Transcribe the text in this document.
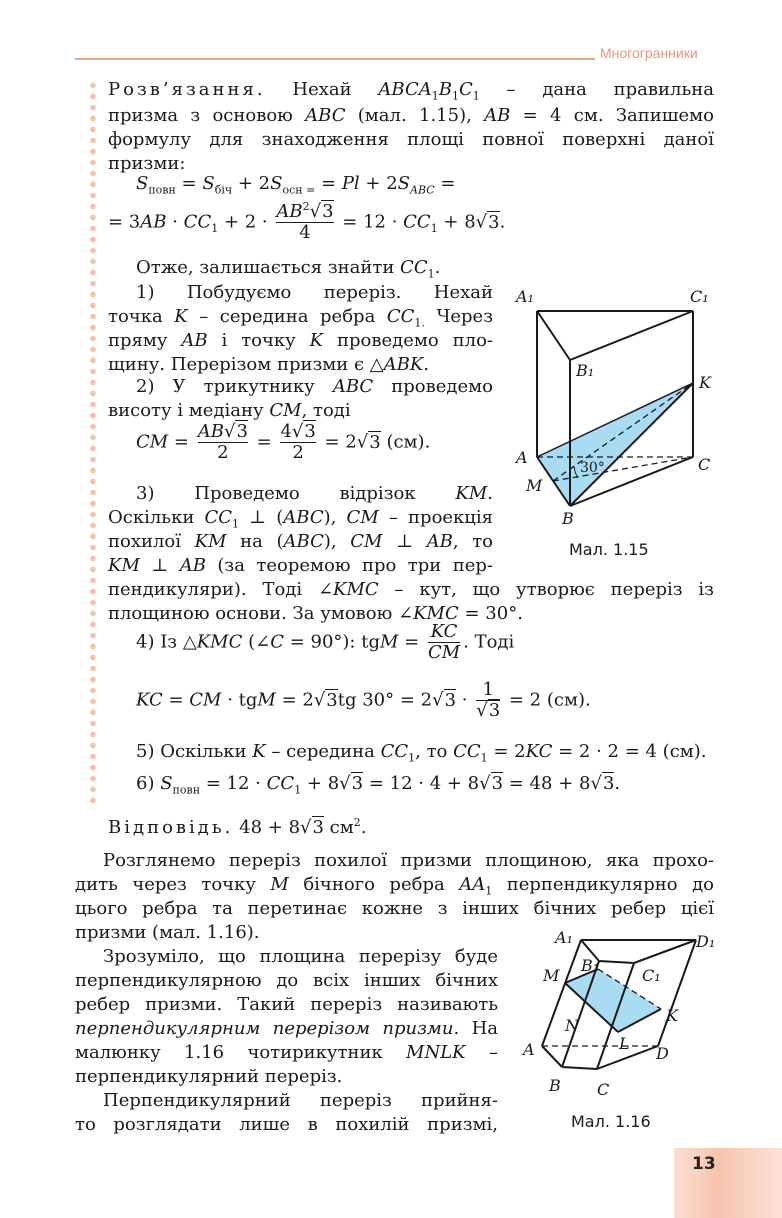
Многогранники
Розв’язання. Нехай $ABCA_1B_1C_1$ – дана правильна
призма з основою ABC (мал. 1.15), AB = 4 см. Запишемо
формулу для знаходження площі повної поверхні даної
призми:
$S_{повн} = S_{біч} + 2S_{осн =} = Pl + 2S_{ABC}$ =
= $3AB \cdot CC_1 + 2 \cdot \frac{AB^2√3}{4} = 12 \cdot CC_1 + 8√3$.
Отже, залишається знайти $CC_1$.
1) Побудуємо переріз. Нехай
точка K – середина ребра $CC_{1.}$ Через
пряму AB і точку K проведемо пло-
щину. Перерізом призми є △ABK.
2) У трикутнику ABC проведемо
висоту і медіану CM, тоді
CM = $\frac{AB√3}{2} = \frac{4√3}{2} = 2√3$ (см).
3) Проведемо відрізок KM.
Оскільки $CC_1$ ⊥ (ABC), CM – проекція
похилої KM на (ABC), CM ⊥ AB, то
KM ⊥ AB (за теоремою про три пер-
пендикуляри). Тоді ∠KMC – кут, що утворює переріз із
площиною основи. За умовою ∠KMC = 30°.
4) Із △KMC (∠C = 90°): tgM = $\frac{KC}{CM}$ . Тоді
KC = CM · tgM = 2√3tg $30^\circ = 2√3 \cdot \frac{1}{√3} = 2$ (см).
5) Оскільки K – середина $CC_1$, то $CC_1 = 2KC = 2 \cdot 2 = 4$ (см).
6) $S_{повн} = 12 \cdot CC_1 + 8√3 = 12 \cdot 4 + 8√3 = 48 + 8√3$.
Відповідь. 48 + 8√3 $см^2$.
Розглянемо переріз похилої призми площиною, яка прохо-
дить через точку M бічного ребра $AA_1$ перпендикулярно до
цього ребра та перетинає кожне з інших бічних ребер цієї
призми (мал. 1.16).
Зрозуміло, що площина перерізу буде
перпендикулярною до всіх інших бічних
ребер призми. Такий переріз називають
перпендикулярним перерізом призми. На
малюнку 1.16 чотирикутник MNLK –
перпендикулярний переріз.
Перпендикулярний переріз прийня-
то розглядати лише в похилій призмі,
30°
A₁	C₁
B₁
K
A	C
M
B
Мал. 1.15
A₁	D₁
B₁
C₁
M
K
N
L
A	D
B C
Мал. 1.16
13
